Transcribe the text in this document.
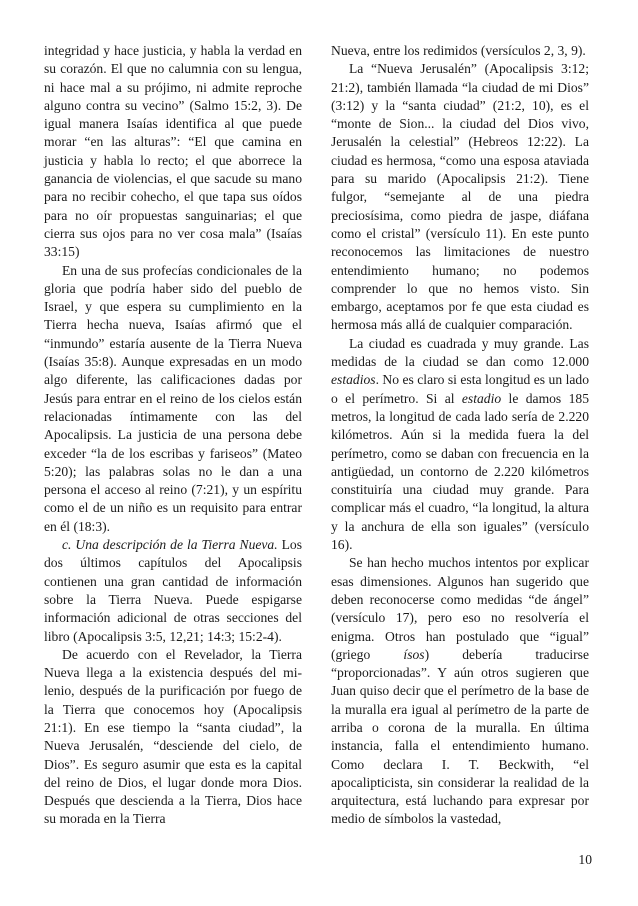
integridad y hace justicia, y habla la verdad en su corazón. El que no calumnia con su lengua, ni hace mal a su prójimo, ni admite reproche alguno contra su vecino” (Salmo 15:2, 3). De igual manera Isaías identifica al que puede morar “en las alturas”: “El que camina en justicia y habla lo recto; el que aborrece la ganancia de violencias, el que sacude su mano para no recibir cohecho, el que tapa sus oídos para no oír propuestas sanguinarias; el que cierra sus ojos para no ver cosa mala” (Isaías 33:15)

En una de sus profecías condicionales de la gloria que podría haber sido del pueblo de Israel, y que espera su cumplimiento en la Tierra hecha nueva, Isaías afirmó que el “inmundo” estaría ausente de la Tierra Nueva (Isaías 35:8). Aunque expresadas en un modo algo diferente, las calificaciones dadas por Jesús para entrar en el reino de los cielos están relacionadas íntimamente con las del Apocalipsis. La justicia de una persona debe exceder “la de los escribas y fariseos” (Mateo 5:20); las palabras solas no le dan a una persona el acceso al reino (7:21), y un espíritu como el de un niño es un requisito para entrar en él (18:3).

c. Una descripción de la Tierra Nueva. Los dos últimos capítulos del Apocalipsis contienen una gran cantidad de información sobre la Tierra Nueva. Puede espigarse información adicional de otras secciones del libro (Apocalipsis 3:5, 12,21; 14:3; 15:2-4).

De acuerdo con el Revelador, la Tierra Nueva llega a la existencia después del milenio, después de la purificación por fuego de la Tierra que conocemos hoy (Apocalipsis 21:1). En ese tiempo la “santa ciudad”, la Nueva Jerusalén, “desciende del cielo, de Dios”. Es seguro asumir que esta es la capital del reino de Dios, el lugar donde mora Dios. Después que descienda a la Tierra, Dios hace su morada en la Tierra

Nueva, entre los redimidos (versículos 2, 3, 9).

La “Nueva Jerusalén” (Apocalipsis 3:12; 21:2), también llamada “la ciudad de mi Dios” (3:12) y la “santa ciudad” (21:2, 10), es el “monte de Sion... la ciudad del Dios vivo, Jerusalén la celestial” (Hebreos 12:22). La ciudad es hermosa, “como una esposa ataviada para su marido (Apocalipsis 21:2). Tiene fulgor, “semejante al de una piedra preciosísima, como piedra de jaspe, diáfana como el cristal” (versículo 11). En este punto reconocemos las limitaciones de nuestro entendimiento humano; no podemos comprender lo que no hemos visto. Sin embargo, aceptamos por fe que esta ciudad es hermosa más allá de cualquier comparación.

La ciudad es cuadrada y muy grande. Las medidas de la ciudad se dan como 12.000 estadios. No es claro si esta longitud es un lado o el perímetro. Si al estadio le damos 185 metros, la longitud de cada lado sería de 2.220 kilómetros. Aún si la medida fuera la del perímetro, como se daban con frecuencia en la antigüedad, un contorno de 2.220 kilómetros constituiría una ciudad muy grande. Para complicar más el cuadro, “la longitud, la altura y la anchura de ella son iguales” (versículo 16).

Se han hecho muchos intentos por explicar esas dimensiones. Algunos han sugerido que deben reconocerse como medidas “de ángel” (versículo 17), pero eso no resolvería el enigma. Otros han postulado que “igual” (griego ísos) debería traducirse “proporcionadas”. Y aún otros sugieren que Juan quiso decir que el perímetro de la base de la muralla era igual al perímetro de la parte de arriba o corona de la muralla. En última instancia, falla el entendimiento humano. Como declara I. T. Beckwith, “el apocalipticista, sin considerar la realidad de la arquitectura, está luchando para expresar por medio de símbolos la vastedad,

10
